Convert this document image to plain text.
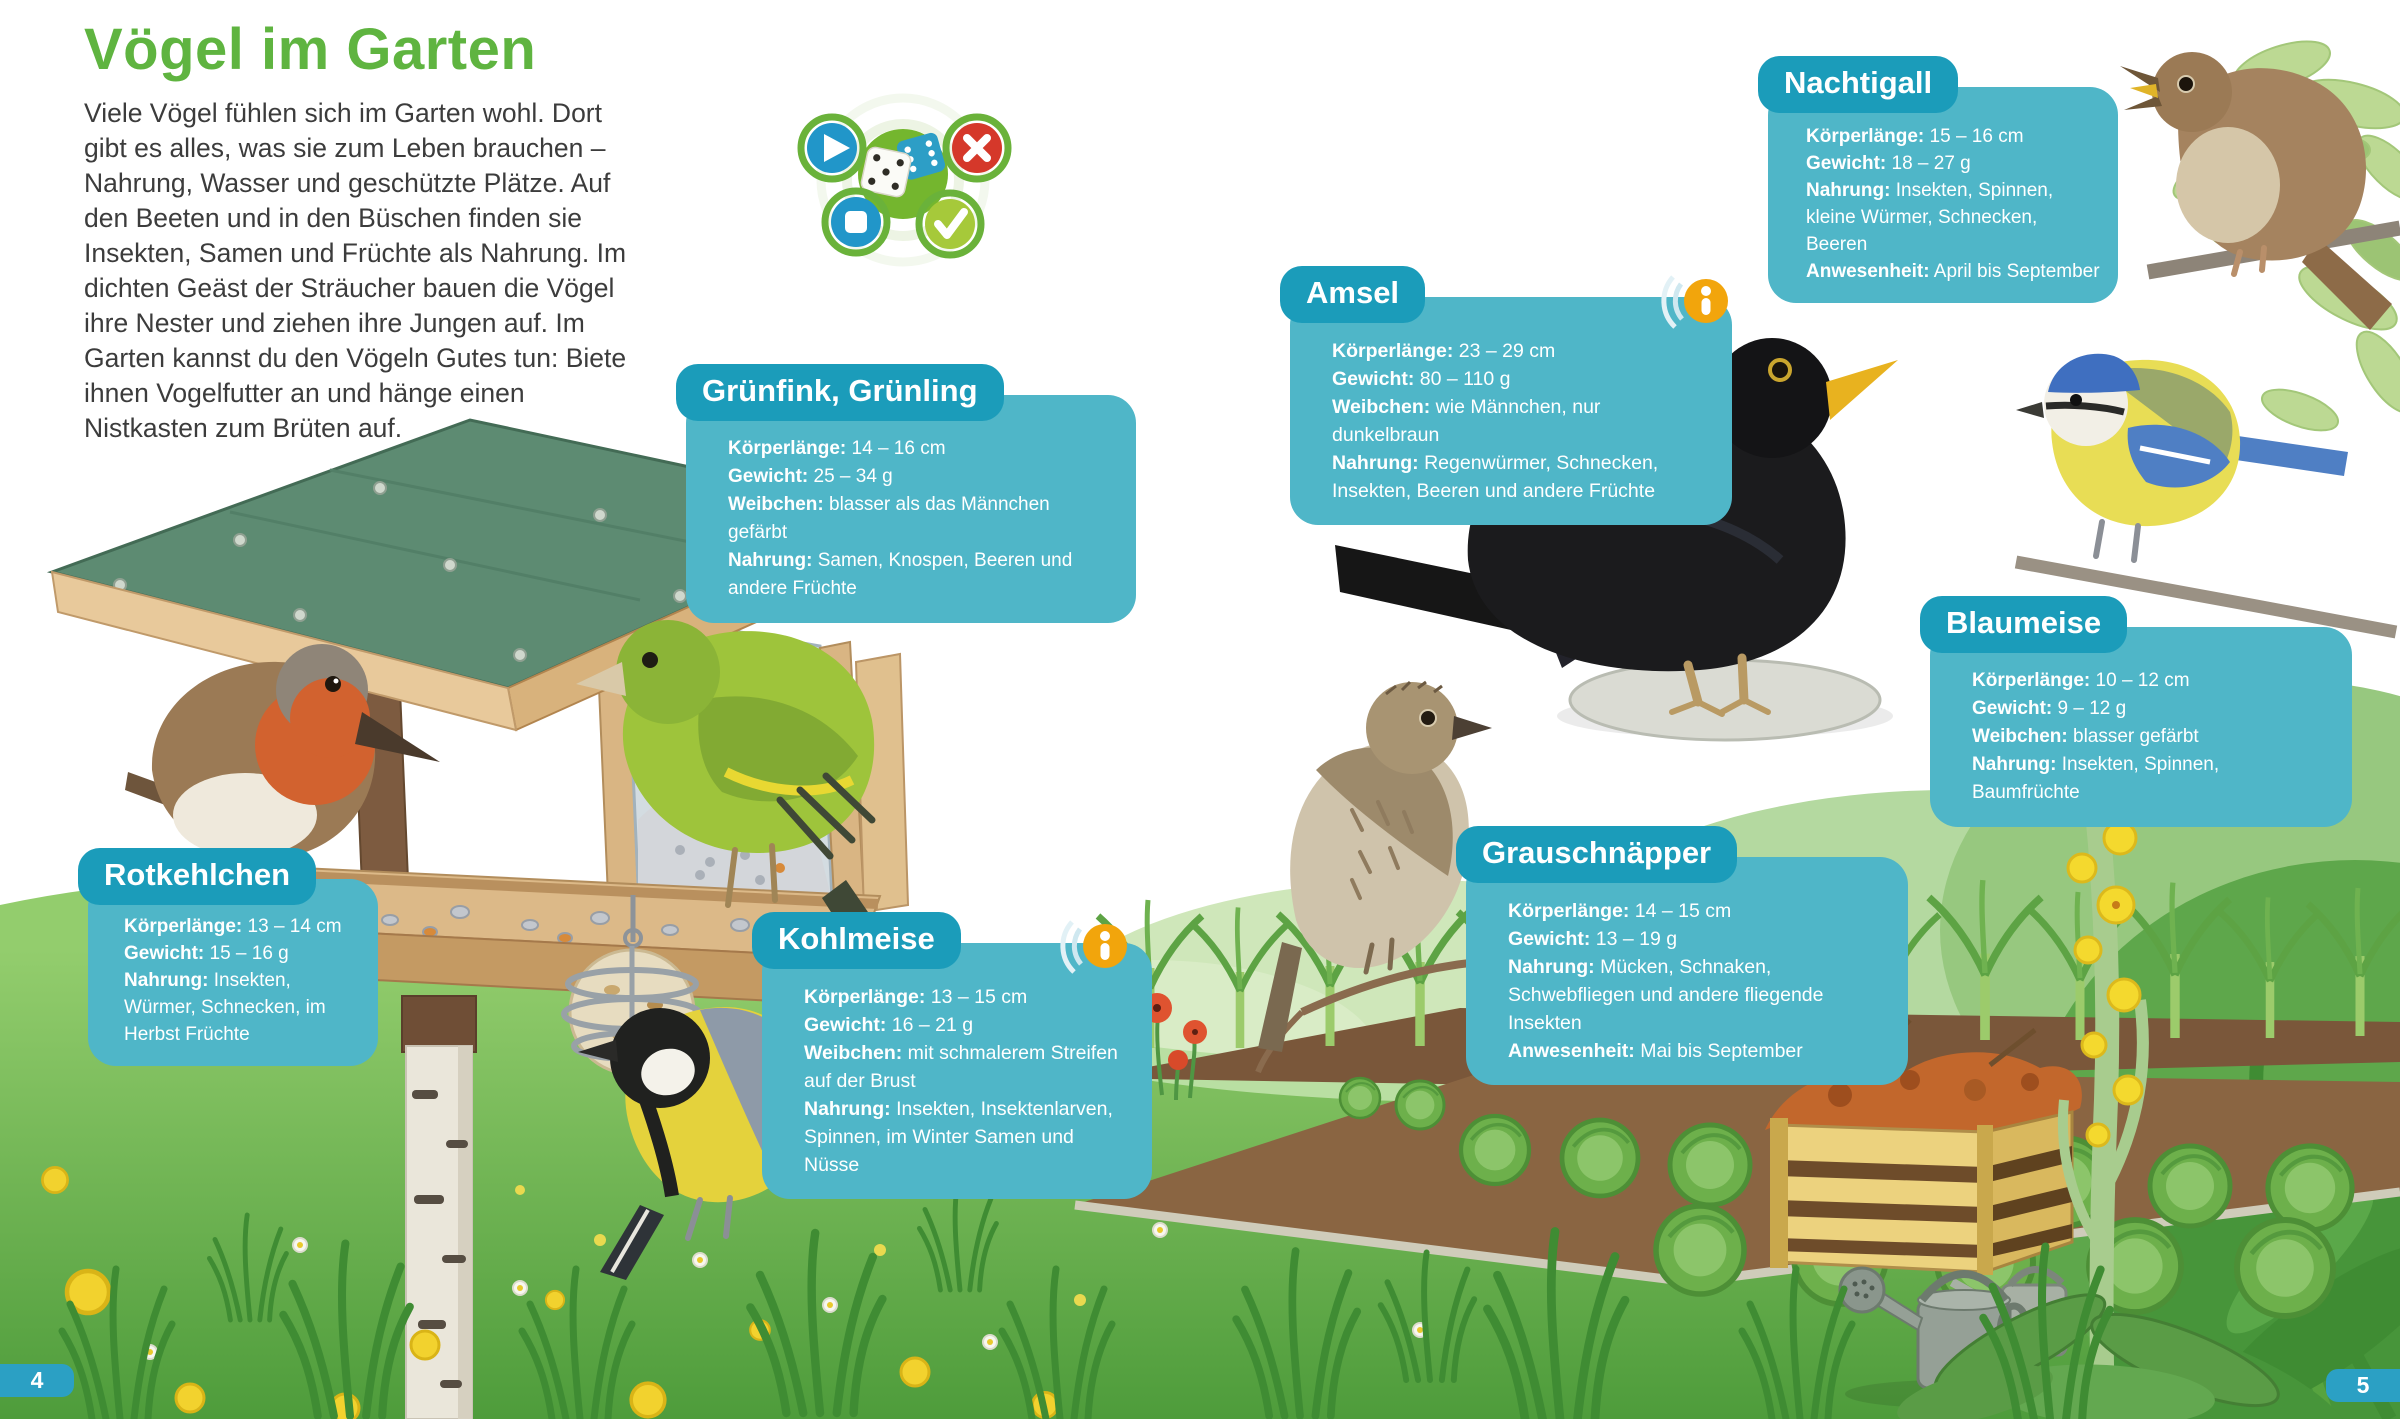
Vögel im Garten

Viele Vögel fühlen sich im Garten wohl. Dort gibt es alles, was sie zum Leben brauchen – Nahrung, Wasser und geschützte Plätze. Auf den Beeten und in den Büschen finden sie Insekten, Samen und Früchte als Nahrung. Im dichten Geäst der Sträucher bauen die Vögel ihre Nester und ziehen ihre Jungen auf. Im Garten kannst du den Vögeln Gutes tun: Biete ihnen Vogelfutter an und hänge einen Nistkasten zum Brüten auf.

Grünfink, Grünling

Körperlänge: 14 – 16 cm

Gewicht: 25 – 34 g

Weibchen: blasser als das Männchen gefärbt

Nahrung: Samen, Knospen, Beeren und andere Früchte

Nachtigall

Körperlänge: 15 – 16 cm

Gewicht: 18 – 27 g

Nahrung: Insekten, Spinnen, kleine Würmer, Schnecken, Beeren

Anwesenheit: April bis September

Amsel

Körperlänge: 23 – 29 cm

Gewicht: 80 – 110 g

Weibchen: wie Männchen, nur dunkelbraun

Nahrung: Regenwürmer, Schnecken, Insekten, Beeren und andere Früchte

Blaumeise

Körperlänge: 10 – 12 cm

Gewicht: 9 – 12 g

Weibchen: blasser gefärbt

Nahrung: Insekten, Spinnen, Baumfrüchte

Rotkehlchen

Körperlänge: 13 – 14 cm

Gewicht: 15 – 16 g

Nahrung: Insekten, Würmer, Schnecken, im Herbst Früchte

Kohlmeise

Körperlänge: 13 – 15 cm

Gewicht: 16 – 21 g

Weibchen: mit schmalerem Streifen auf der Brust

Nahrung: Insekten, Insektenlarven, Spinnen, im Winter Samen und Nüsse

Grauschnäpper

Körperlänge: 14 – 15 cm

Gewicht: 13 – 19 g

Nahrung: Mücken, Schnaken, Schwebfliegen und andere fliegende Insekten

Anwesenheit: Mai bis September

4	5
